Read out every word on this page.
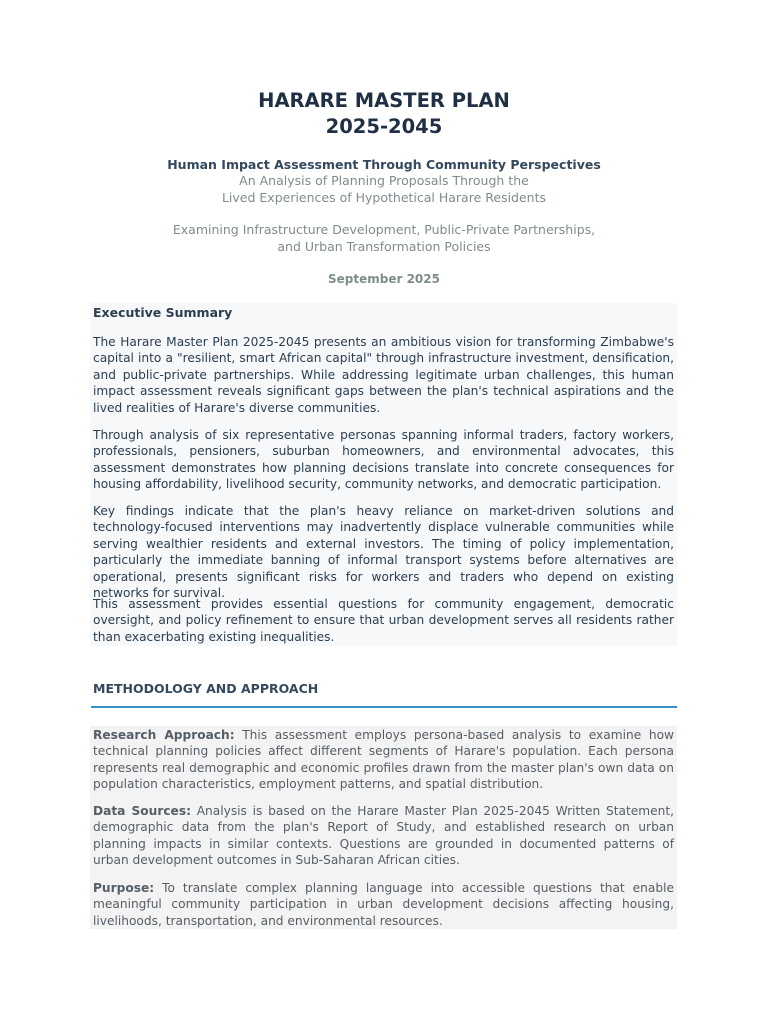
HARARE MASTER PLAN
2025-2045
Human Impact Assessment Through Community Perspectives
An Analysis of Planning Proposals Through the
Lived Experiences of Hypothetical Harare Residents
Examining Infrastructure Development, Public-Private Partnerships,
and Urban Transformation Policies
September 2025
Executive Summary
The Harare Master Plan 2025-2045 presents an ambitious vision for transforming Zimbabwe's capital into a "resilient, smart African capital" through infrastructure investment, densification, and public-private partnerships. While addressing legitimate urban challenges, this human impact assessment reveals significant gaps between the plan's technical aspirations and the lived realities of Harare's diverse communities.
Through analysis of six representative personas spanning informal traders, factory workers, professionals, pensioners, suburban homeowners, and environmental advocates, this assessment demonstrates how planning decisions translate into concrete consequences for housing affordability, livelihood security, community networks, and democratic participation.
Key findings indicate that the plan's heavy reliance on market-driven solutions and technology-focused interventions may inadvertently displace vulnerable communities while serving wealthier residents and external investors. The timing of policy implementation, particularly the immediate banning of informal transport systems before alternatives are operational, presents significant risks for workers and traders who depend on existing networks for survival.
This assessment provides essential questions for community engagement, democratic oversight, and policy refinement to ensure that urban development serves all residents rather than exacerbating existing inequalities.
METHODOLOGY AND APPROACH
Research Approach: This assessment employs persona-based analysis to examine how technical planning policies affect different segments of Harare's population. Each persona represents real demographic and economic profiles drawn from the master plan's own data on population characteristics, employment patterns, and spatial distribution.
Data Sources: Analysis is based on the Harare Master Plan 2025-2045 Written Statement, demographic data from the plan's Report of Study, and established research on urban planning impacts in similar contexts. Questions are grounded in documented patterns of urban development outcomes in Sub-Saharan African cities.
Purpose: To translate complex planning language into accessible questions that enable meaningful community participation in urban development decisions affecting housing, livelihoods, transportation, and environmental resources.
